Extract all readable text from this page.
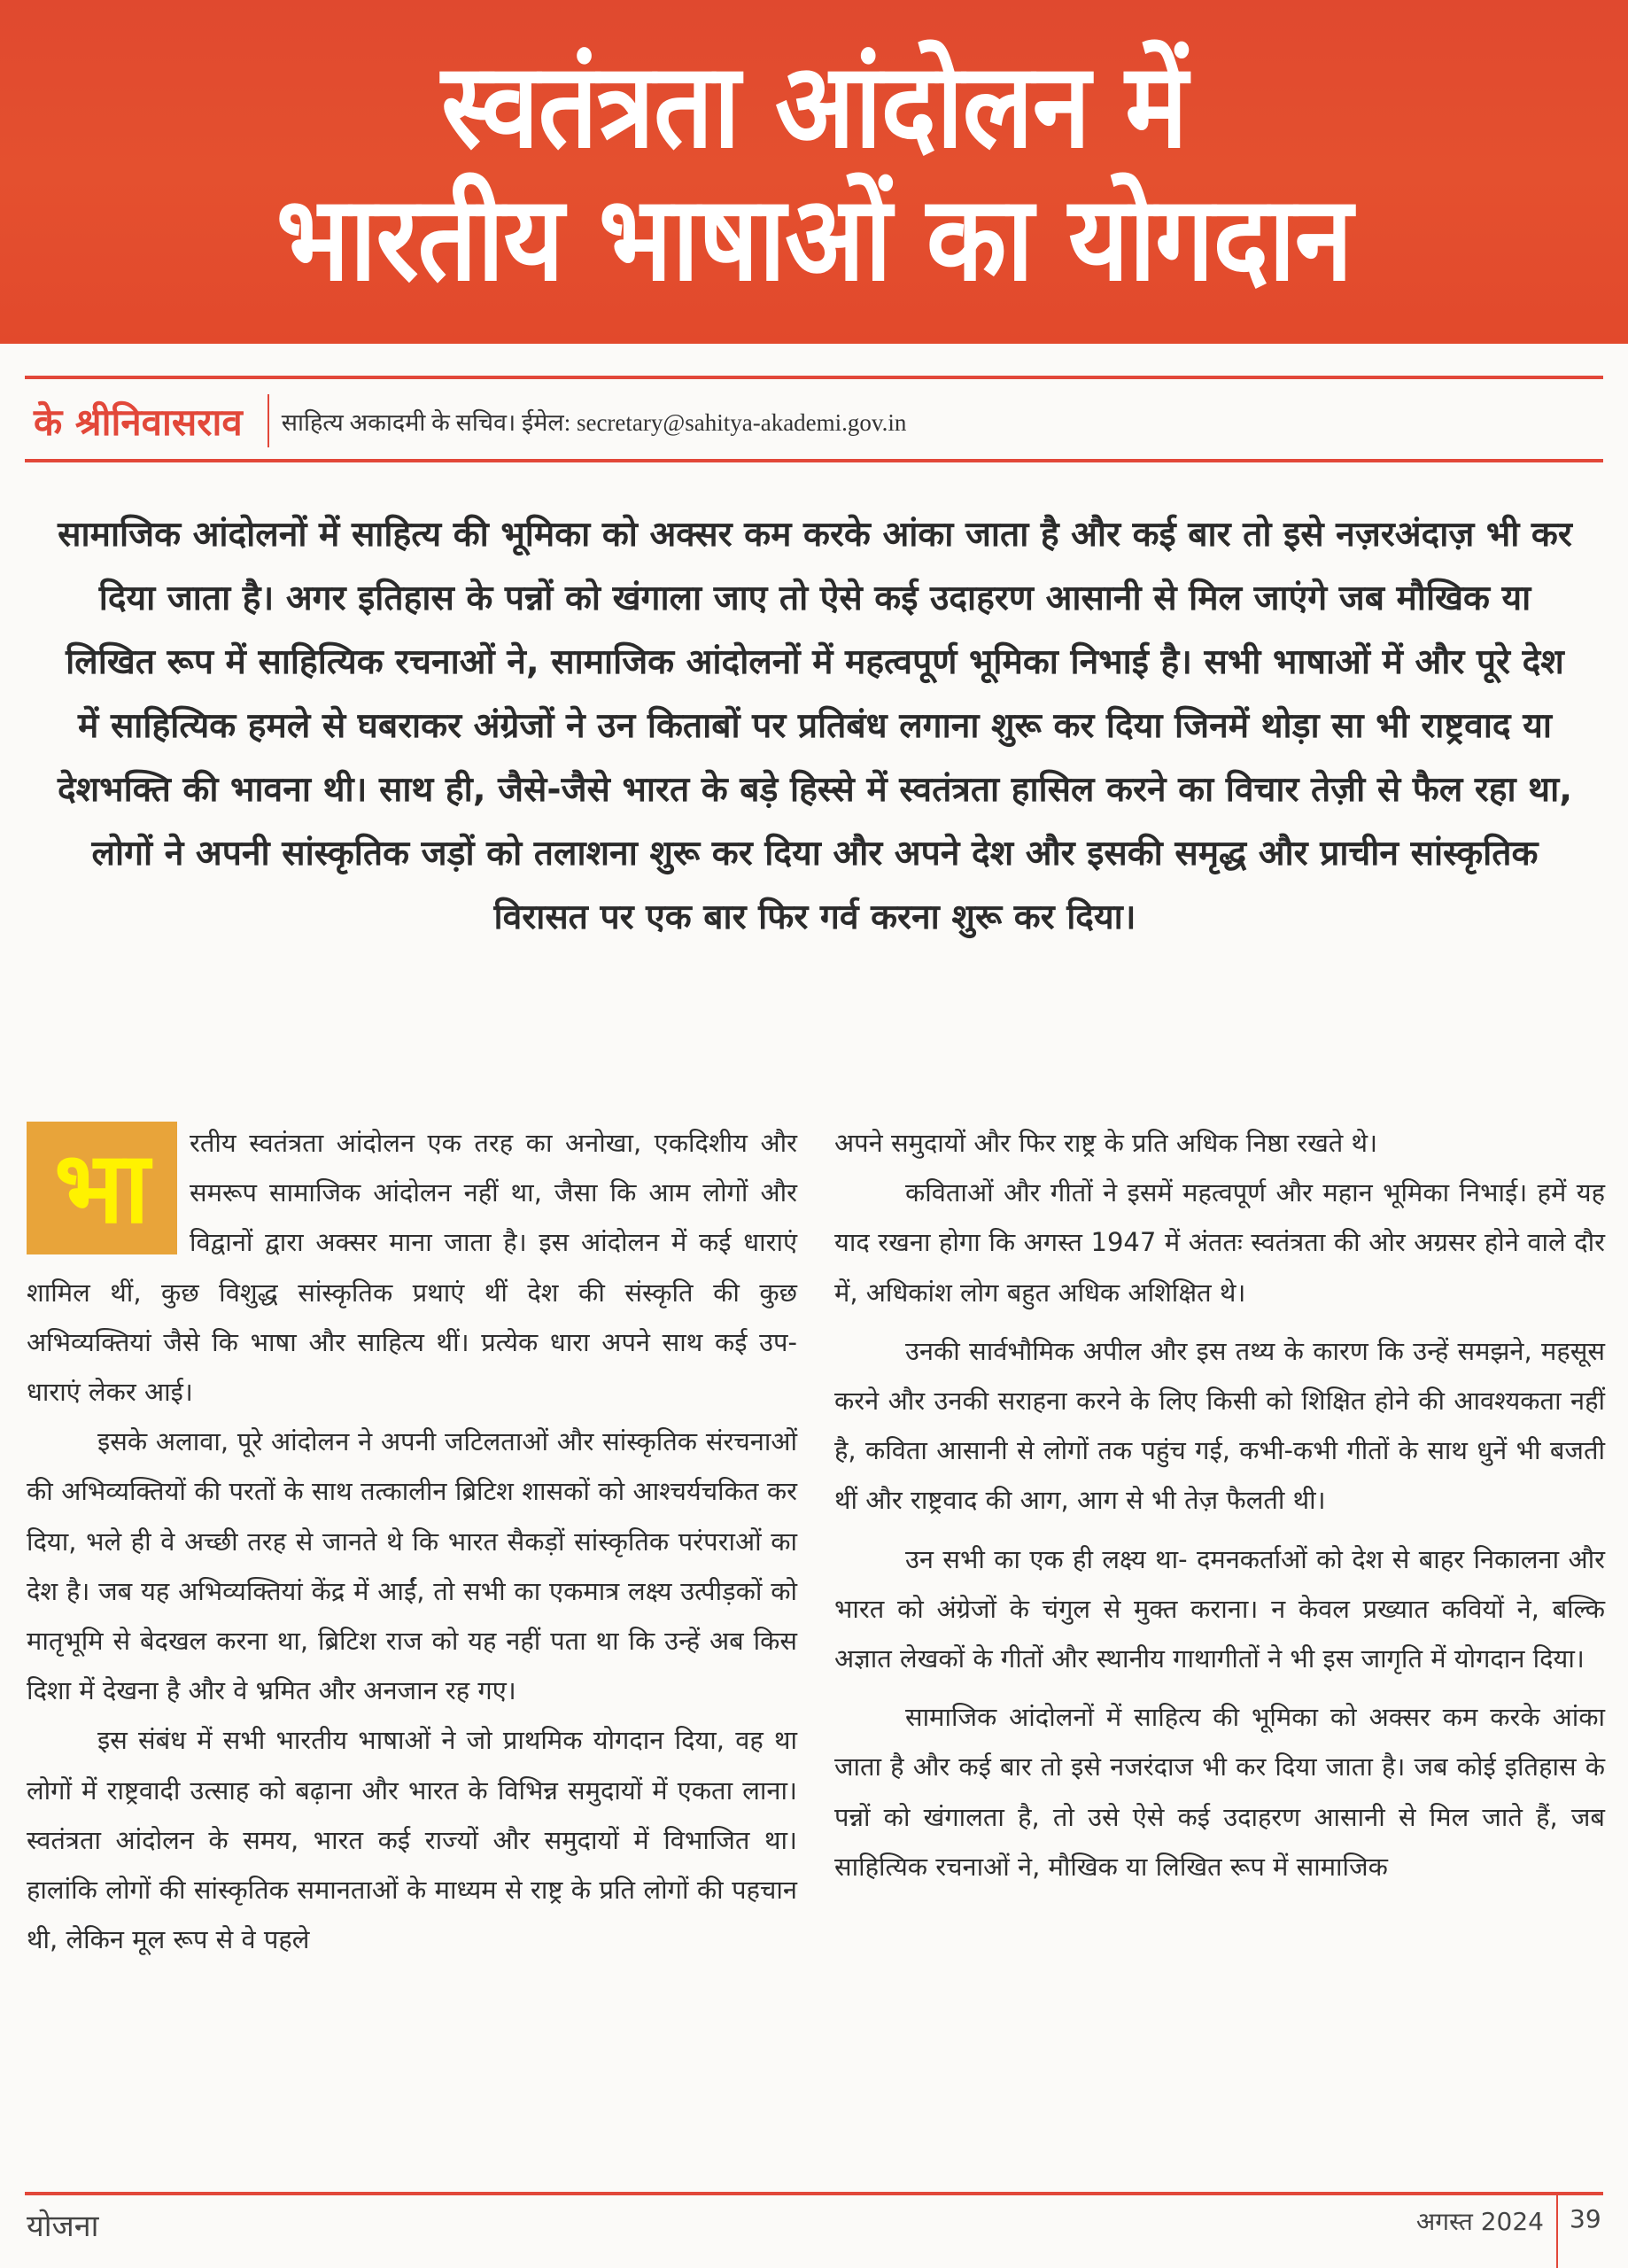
स्वतंत्रता आंदोलन में
भारतीय भाषाओं का योगदान
के श्रीनिवासराव	साहित्य अकादमी के सचिव। ईमेल: secretary@sahitya-akademi.gov.in
सामाजिक आंदोलनों में साहित्य की भूमिका को अक्सर कम करके आंका जाता है और कई बार तो इसे नज़रअंदाज़ भी कर दिया जाता है। अगर इतिहास के पन्नों को खंगाला जाए तो ऐसे कई उदाहरण आसानी से मिल जाएंगे जब मौखिक या लिखित रूप में साहित्यिक रचनाओं ने, सामाजिक आंदोलनों में महत्वपूर्ण भूमिका निभाई है। सभी भाषाओं में और पूरे देश में साहित्यिक हमले से घबराकर अंग्रेजों ने उन किताबों पर प्रतिबंध लगाना शुरू कर दिया जिनमें थोड़ा सा भी राष्ट्रवाद या देशभक्ति की भावना थी। साथ ही, जैसे-जैसे भारत के बड़े हिस्से में स्वतंत्रता हासिल करने का विचार तेज़ी से फैल रहा था, लोगों ने अपनी सांस्कृतिक जड़ों को तलाशना शुरू कर दिया और अपने देश और इसकी समृद्ध और प्राचीन सांस्कृतिक विरासत पर एक बार फिर गर्व करना शुरू कर दिया।

भा	रतीय स्वतंत्रता आंदोलन एक तरह का अनोखा, एकदिशीय और समरूप सामाजिक आंदोलन नहीं था, जैसा कि आम लोगों और विद्वानों द्वारा अक्सर माना जाता है। इस आंदोलन में कई धाराएं शामिल थीं, कुछ विशुद्ध सांस्कृतिक प्रथाएं थीं देश की संस्कृति की कुछ अभिव्यक्तियां जैसे कि भाषा और साहित्य थीं। प्रत्येक धारा अपने साथ कई उप-धाराएं लेकर आई।

इसके अलावा, पूरे आंदोलन ने अपनी जटिलताओं और सांस्कृतिक संरचनाओं की अभिव्यक्तियों की परतों के साथ तत्कालीन ब्रिटिश शासकों को आश्चर्यचकित कर दिया, भले ही वे अच्छी तरह से जानते थे कि भारत सैकड़ों सांस्कृतिक परंपराओं का देश है। जब यह अभिव्यक्तियां केंद्र में आईं, तो सभी का एकमात्र लक्ष्य उत्पीड़कों को मातृभूमि से बेदखल करना था, ब्रिटिश राज को यह नहीं पता था कि उन्हें अब किस दिशा में देखना है और वे भ्रमित और अनजान रह गए।

इस संबंध में सभी भारतीय भाषाओं ने जो प्राथमिक योगदान दिया, वह था लोगों में राष्ट्रवादी उत्साह को बढ़ाना और भारत के विभिन्न समुदायों में एकता लाना। स्वतंत्रता आंदोलन के समय, भारत कई राज्यों और समुदायों में विभाजित था। हालांकि लोगों की सांस्कृतिक समानताओं के माध्यम से राष्ट्र के प्रति लोगों की पहचान थी, लेकिन मूल रूप से वे पहले

अपने समुदायों और फिर राष्ट्र के प्रति अधिक निष्ठा रखते थे।

कविताओं और गीतों ने इसमें महत्वपूर्ण और महान भूमिका निभाई। हमें यह याद रखना होगा कि अगस्त 1947 में अंततः स्वतंत्रता की ओर अग्रसर होने वाले दौर में, अधिकांश लोग बहुत अधिक अशिक्षित थे।

उनकी सार्वभौमिक अपील और इस तथ्य के कारण कि उन्हें समझने, महसूस करने और उनकी सराहना करने के लिए किसी को शिक्षित होने की आवश्यकता नहीं है, कविता आसानी से लोगों तक पहुंच गई, कभी-कभी गीतों के साथ धुनें भी बजती थीं और राष्ट्रवाद की आग, आग से भी तेज़ फैलती थी।

उन सभी का एक ही लक्ष्य था- दमनकर्ताओं को देश से बाहर निकालना और भारत को अंग्रेजों के चंगुल से मुक्त कराना। न केवल प्रख्यात कवियों ने, बल्कि अज्ञात लेखकों के गीतों और स्थानीय गाथागीतों ने भी इस जागृति में योगदान दिया।

सामाजिक आंदोलनों में साहित्य की भूमिका को अक्सर कम करके आंका जाता है और कई बार तो इसे नजरंदाज भी कर दिया जाता है। जब कोई इतिहास के पन्नों को खंगालता है, तो उसे ऐसे कई उदाहरण आसानी से मिल जाते हैं, जब साहित्यिक रचनाओं ने, मौखिक या लिखित रूप में सामाजिक

योजना	अगस्त 2024 39
